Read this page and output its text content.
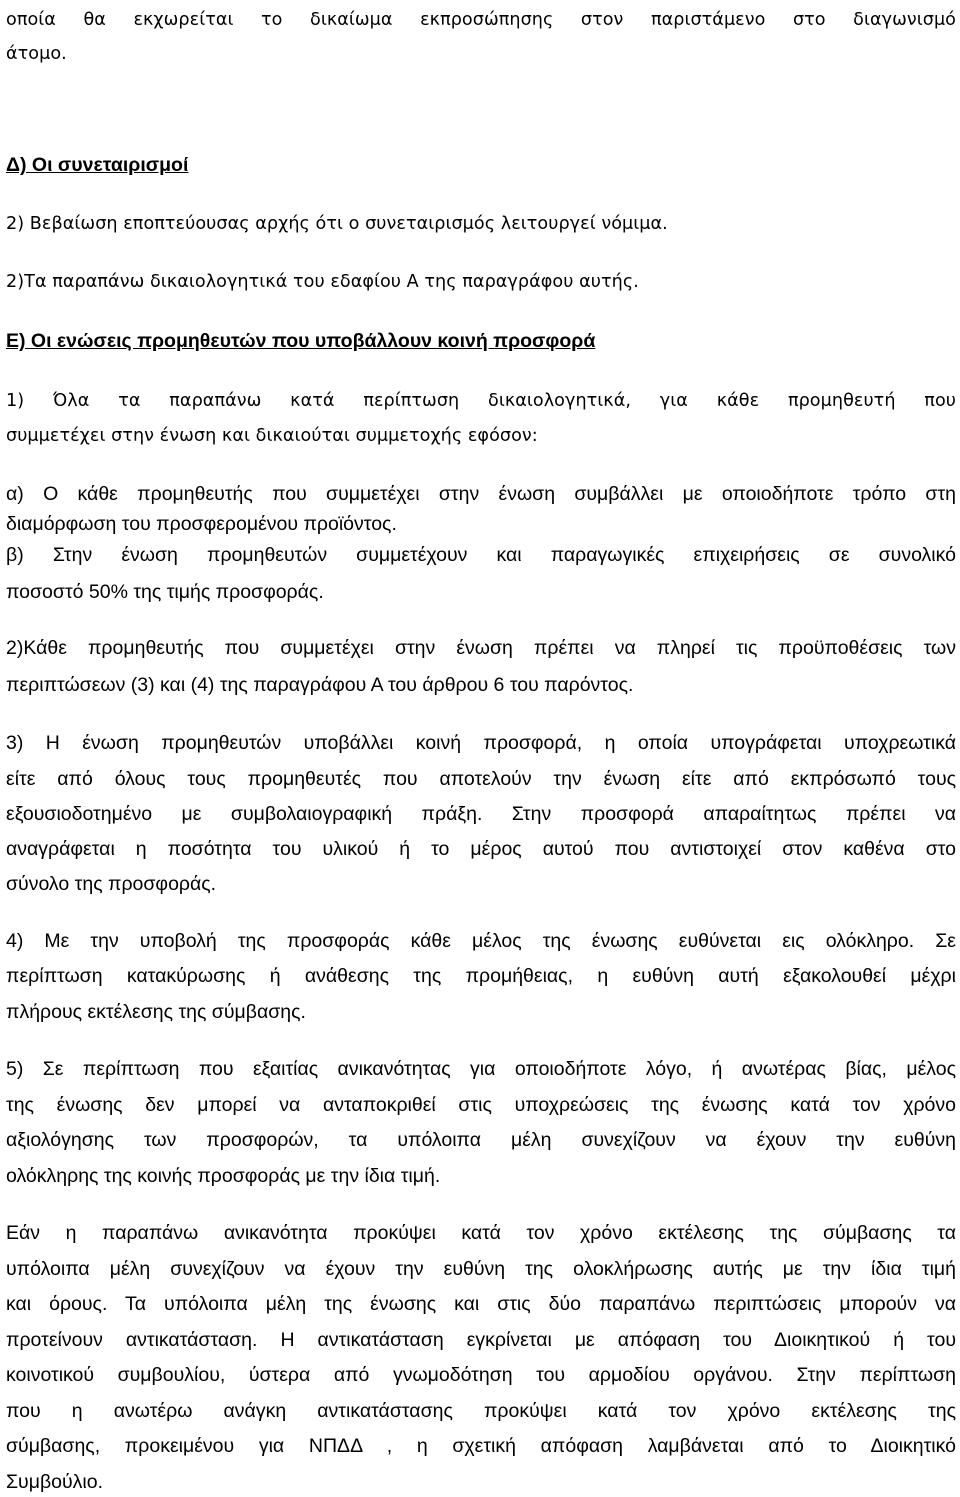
οποία θα εκχωρείται το δικαίωμα εκπροσώπησης στον παριστάμενο στο διαγωνισμό
άτομο.
Δ) Οι συνεταιρισμοί
2) Βεβαίωση εποπτεύουσας αρχής ότι ο συνεταιρισμός λειτουργεί νόμιμα.
2)Τα παραπάνω δικαιολογητικά του εδαφίου Α της παραγράφου αυτής.
Ε) Οι ενώσεις προμηθευτών που υποβάλλουν κοινή προσφορά
1) Όλα τα παραπάνω κατά περίπτωση δικαιολογητικά, για κάθε προμηθευτή που
συμμετέχει στην ένωση και δικαιούται συμμετοχής εφόσον:
α) Ο κάθε προμηθευτής που συμμετέχει στην ένωση συμβάλλει με οποιοδήποτε τρόπο στη
διαμόρφωση του προσφερομένου προϊόντος.
β) Στην ένωση προμηθευτών συμμετέχουν και παραγωγικές επιχειρήσεις σε συνολικό
ποσοστό 50% της τιμής προσφοράς.
2)Κάθε προμηθευτής που συμμετέχει στην ένωση πρέπει να πληρεί τις προϋποθέσεις των
περιπτώσεων (3) και (4) της παραγράφου Α του άρθρου 6 του παρόντος.
3) Η ένωση προμηθευτών υποβάλλει κοινή προσφορά, η οποία υπογράφεται υποχρεωτικά
είτε από όλους τους προμηθευτές που αποτελούν την ένωση είτε από εκπρόσωπό τους
εξουσιοδοτημένο με συμβολαιογραφική πράξη. Στην προσφορά απαραίτητως πρέπει να
αναγράφεται η ποσότητα του υλικού ή το μέρος αυτού που αντιστοιχεί στον καθένα στο
σύνολο της προσφοράς.
4) Με την υποβολή της προσφοράς κάθε μέλος της ένωσης ευθύνεται εις ολόκληρο. Σε
περίπτωση κατακύρωσης ή ανάθεσης της προμήθειας, η ευθύνη αυτή εξακολουθεί μέχρι
πλήρους εκτέλεσης της σύμβασης.
5) Σε περίπτωση που εξαιτίας ανικανότητας για οποιοδήποτε λόγο, ή ανωτέρας βίας, μέλος
της ένωσης δεν μπορεί να ανταποκριθεί στις υποχρεώσεις της ένωσης κατά τον χρόνο
αξιολόγησης των προσφορών, τα υπόλοιπα μέλη συνεχίζουν να έχουν την ευθύνη
ολόκληρης της κοινής προσφοράς με την ίδια τιμή.
Εάν η παραπάνω ανικανότητα προκύψει κατά τον χρόνο εκτέλεσης της σύμβασης τα
υπόλοιπα μέλη συνεχίζουν να έχουν την ευθύνη της ολοκλήρωσης αυτής με την ίδια τιμή
και όρους. Τα υπόλοιπα μέλη της ένωσης και στις δύο παραπάνω περιπτώσεις μπορούν να
προτείνουν αντικατάσταση. Η αντικατάσταση εγκρίνεται με απόφαση του Διοικητικού ή του
κοινοτικού συμβουλίου, ύστερα από γνωμοδότηση του αρμοδίου οργάνου. Στην περίπτωση
που η ανωτέρω ανάγκη αντικατάστασης προκύψει κατά τον χρόνο εκτέλεσης της
σύμβασης, προκειμένου για ΝΠΔΔ , η σχετική απόφαση λαμβάνεται από το Διοικητικό
Συμβούλιο.
